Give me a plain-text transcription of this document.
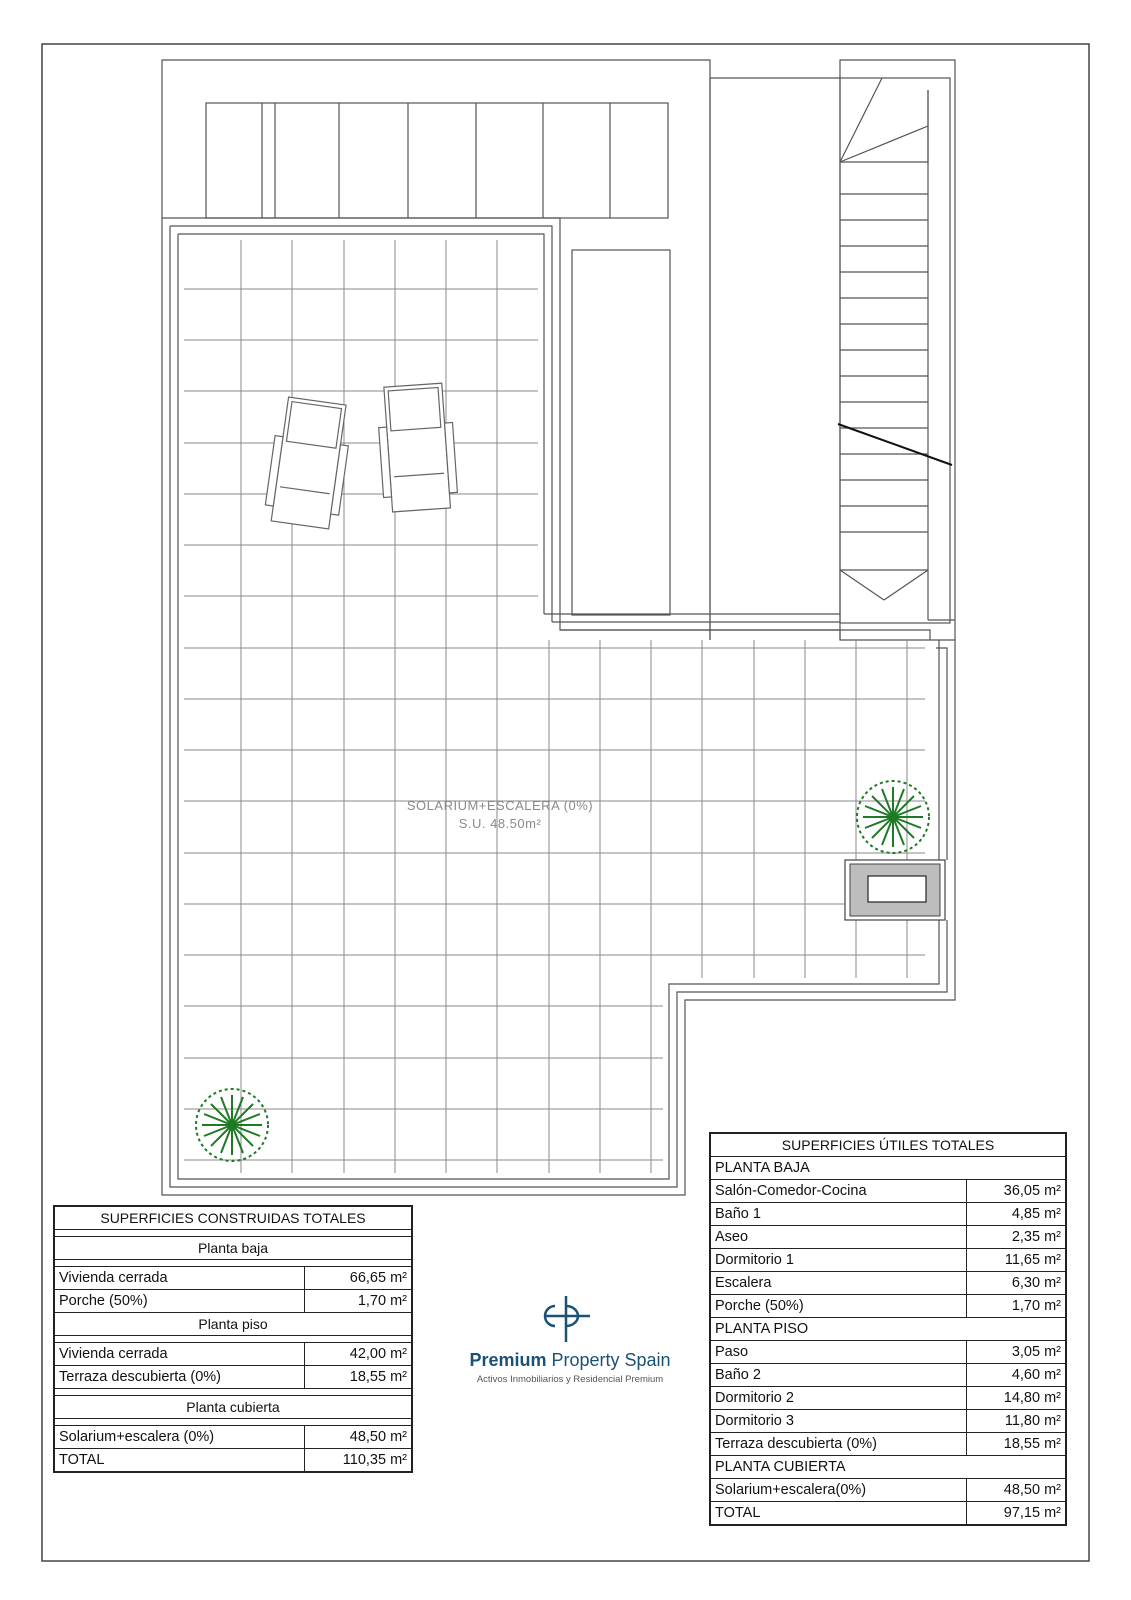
SOLARIUM+ESCALERA (0%)
S.U. 48.50m²
SUPERFICIES CONSTRUIDAS TOTALES	

Planta baja	

Vivienda cerrada	66,65 m²
Porche (50%)	1,70 m²
Planta piso	

Vivienda cerrada	42,00 m²
Terraza descubierta (0%)	18,55 m²

Planta cubierta	

Solarium+escalera (0%)	48,50 m²
TOTAL	110,35 m²
Premium Property Spain
Activos Inmobiliarios y Residencial Premium
SUPERFICIES ÚTILES TOTALES	
PLANTA BAJA	
Salón-Comedor-Cocina	36,05 m²
Baño 1	4,85 m²
Aseo	2,35 m²
Dormitorio 1	11,65 m²
Escalera	6,30 m²
Porche (50%)	1,70 m²
PLANTA PISO	
Paso	3,05 m²
Baño 2	4,60 m²
Dormitorio 2	14,80 m²
Dormitorio 3	11,80 m²
Terraza descubierta (0%)	18,55 m²
PLANTA CUBIERTA	
Solarium+escalera(0%)	48,50 m²
TOTAL	97,15 m²
